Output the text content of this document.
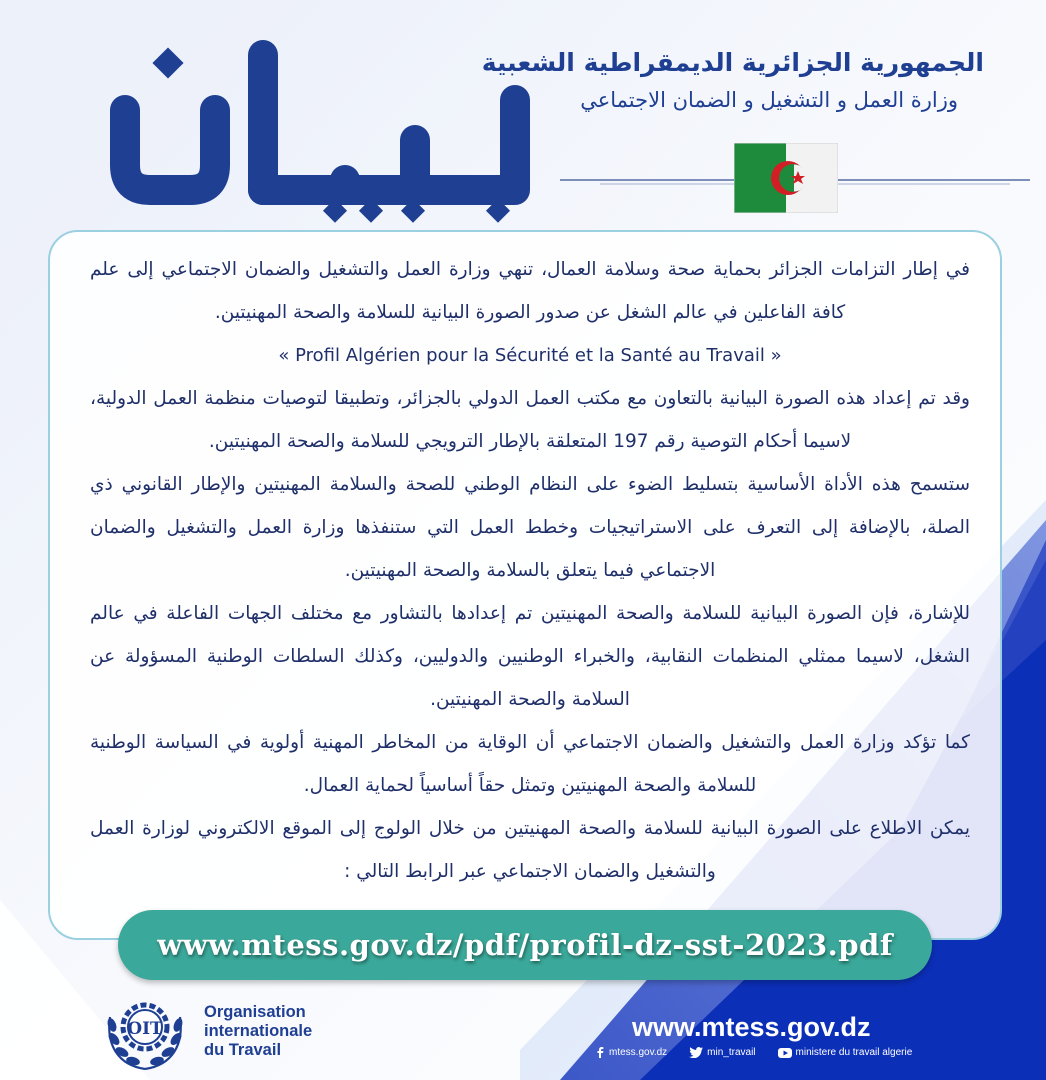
الجمهورية الجزائرية الديمقراطية الشعبية
وزارة العمل و التشغيل و الضمان الاجتماعي

في إطار التزامات الجزائر بحماية صحة وسلامة العمال، تنهي وزارة العمل والتشغيل والضمان الاجتماعي إلى علم كافة الفاعلين في عالم الشغل عن صدور الصورة البيانية للسلامة والصحة المهنيتين.

« Profil Algérien pour la Sécurité et la Santé au Travail »

وقد تم إعداد هذه الصورة البيانية بالتعاون مع مكتب العمل الدولي بالجزائر، وتطبيقا لتوصيات منظمة العمل الدولية، لاسيما أحكام التوصية رقم 197 المتعلقة بالإطار الترويجي للسلامة والصحة المهنيتين.

ستسمح هذه الأداة الأساسية بتسليط الضوء على النظام الوطني للصحة والسلامة المهنيتين والإطار القانوني ذي الصلة، بالإضافة إلى التعرف على الاستراتيجيات وخطط العمل التي ستنفذها وزارة العمل والتشغيل والضمان الاجتماعي فيما يتعلق بالسلامة والصحة المهنيتين.

للإشارة، فإن الصورة البيانية للسلامة والصحة المهنيتين تم إعدادها بالتشاور مع مختلف الجهات الفاعلة في عالم الشغل، لاسيما ممثلي المنظمات النقابية، والخبراء الوطنيين والدوليين، وكذلك السلطات الوطنية المسؤولة عن السلامة والصحة المهنيتين.

كما تؤكد وزارة العمل والتشغيل والضمان الاجتماعي أن الوقاية من المخاطر المهنية أولوية في السياسة الوطنية للسلامة والصحة المهنيتين وتمثل حقاً أساسياً لحماية العمال.

يمكن الاطلاع على الصورة البيانية للسلامة والصحة المهنيتين من خلال الولوج إلى الموقع الالكتروني لوزارة العمل والتشغيل والضمان الاجتماعي عبر الرابط التالي :

www.mtess.gov.dz/pdf/profil-dz-sst-2023.pdf
OIT
Organisation
internationale
du Travail
www.mtess.gov.dz
mtess.gov.dz	min_travail	ministere du travail algerie
